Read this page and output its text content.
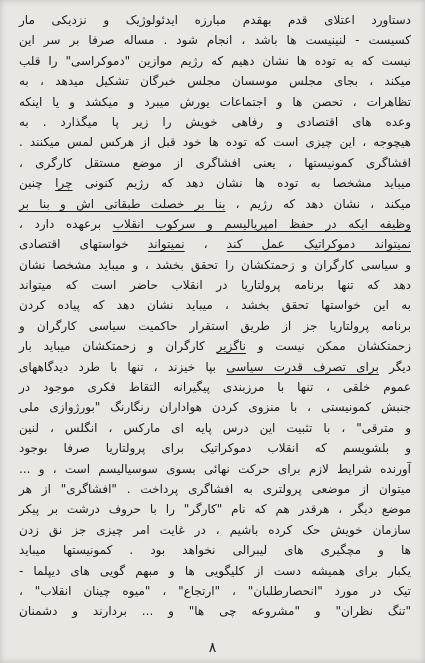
دستاورد اعتلای قدم بهقدم مبارزه ایدئولوژیک و نزدیکی مار
کسیست - لنینیست ها باشد ، انجام شود . مساله صرفا بر سر این
نیست که به توده ها نشان دهیم که رژیم موازین "دموکراسی" را قلب
میکند ، بجای مجلس موسسان مجلس خبرگان تشکیل میدهد ، به
تظاهرات ، تحصن ها و اجتماعات یورش میبرد و میکشد و یا اینکه
وعده های اقتصادی و رفاهی خویش را زیر پا میگذارد . به
هیچوجه ، این چیزی است که توده ها خود قبل از هرکس لمس میکنند .
افشاگری کمونیستها ، یعنی افشاگری از موضع مستقل کارگری ،
میباید مشخصا به توده ها نشان دهد که رژیم کنونی چرا چنین
میکند ، نشان دهد که رژیم ، بنا بر خصلت طبقاتی اش و بنا بر
وظیفه ایکه در حفظ امپریالیسم و سرکوب انقلاب برعهده دارد ،
نمیتواند دموکراتیک عمل کند ، نمیتواند خواستهای اقتصادی
و سیاسی کارگران و زحمتکشان را تحقق بخشد ، و میباید مشخصا نشان
دهد که تنها برنامه پرولتاریا در انقلاب حاضر است که میتواند
به این خواستها تحقق بخشد ، میباید نشان دهد که پیاده کردن
برنامه پرولتاریا جز از طریق استقرار حاکمیت سیاسی کارگران و
زحمتکشان ممکن نیست و ناگزیر کارگران و زحمتکشان میباید بار
دیگر برای تصرف قدرت سیاسی بپا خیزند ، تنها با طرد دیدگاههای
عموم خلقی ، تنها با مرزبندی پیگیرانه التقاط فکری موجود در
جنبش کمونیستی ، با منزوی کردن هواداران رنگارنگ "بورژوازی ملی
و مترقی" ، با تثبیت این درس پایه ای مارکس ، انگلس ، لنین
و بلشویسم که انقلاب دموکراتیک برای پرولتاریا صرفا بوجود
آورنده شرایط لازم برای حرکت نهائی بسوی سوسیالیسم است ، و ...
میتوان از موضعی پرولتری به افشاگری پرداخت . "افشاگری" از هر
موضع دیگر ، هرقدر هم که نام "کارگر" را با حروف درشت بر پیکر
سازمان خویش حک کرده باشیم ، در غایت امر چیزی جز نق زدن
ها و مچگیری های لیبرالی نخواهد بود . کمونیستها میباید
یکبار برای همیشه دست از کلیگویی ها و مبهم گویی های دیپلما -
تیک در مورد "انحصارطلبان" ، "ارتجاع" ، "میوه چینان انقلاب" ،
"تنگ نظران" و "مشروعه چی ها" و ... بردارند و دشمنان
۸
